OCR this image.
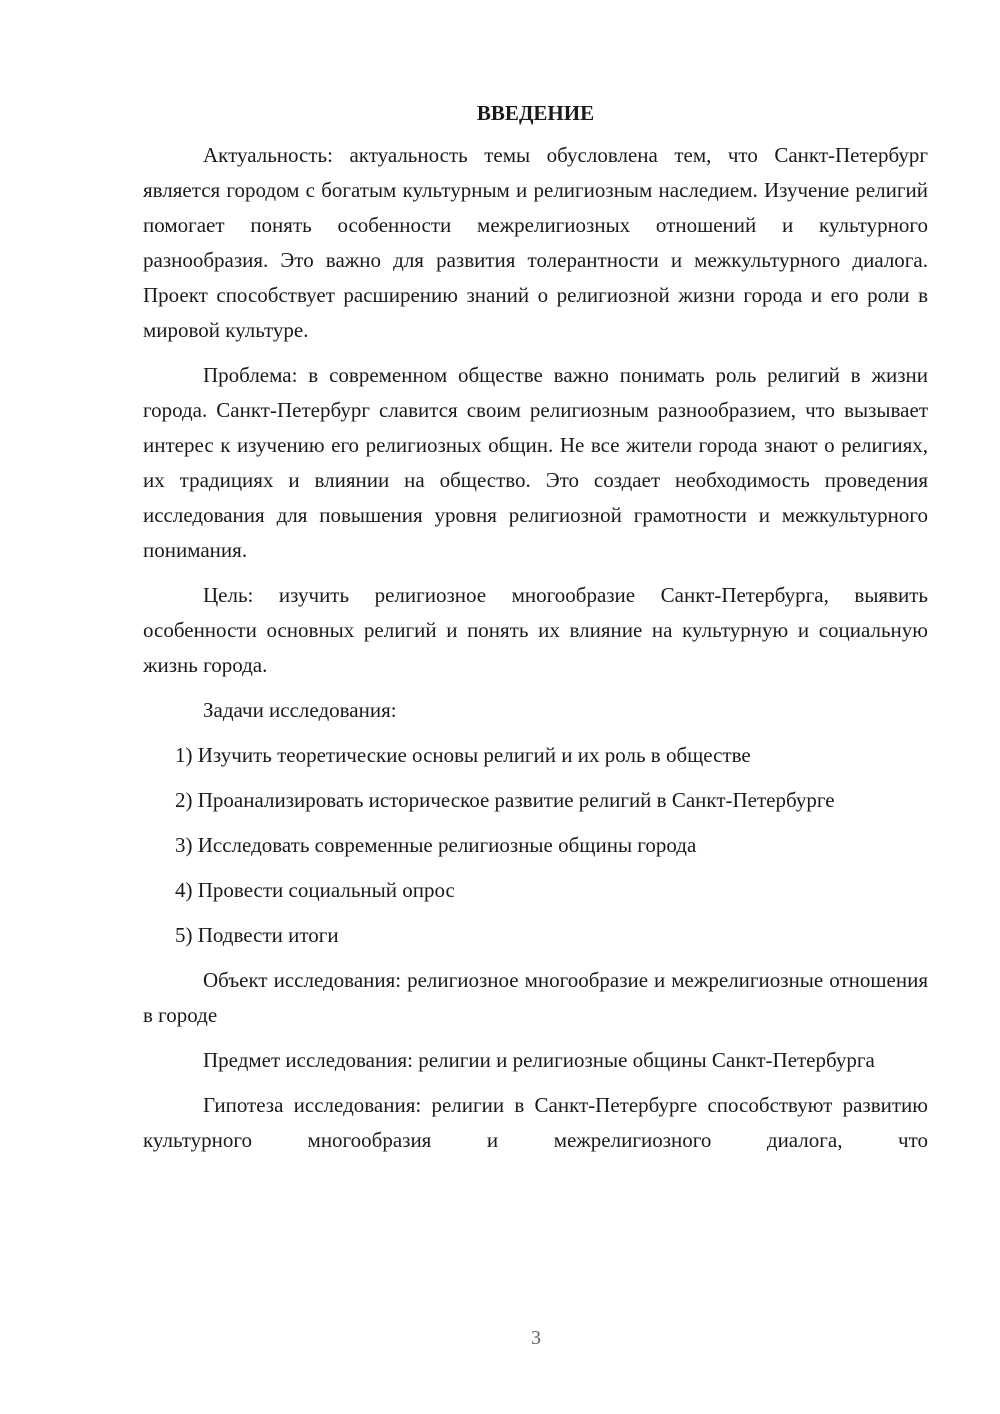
ВВЕДЕНИЕ

Актуальность: актуальность темы обусловлена тем, что Санкт-Петербург является городом с богатым культурным и религиозным наследием. Изучение религий помогает понять особенности межрелигиозных отношений и культурного разнообразия. Это важно для развития толерантности и межкультурного диалога. Проект способствует расширению знаний о религиозной жизни города и его роли в мировой культуре.

Проблема: в современном обществе важно понимать роль религий в жизни города. Санкт-Петербург славится своим религиозным разнообразием, что вызывает интерес к изучению его религиозных общин. Не все жители города знают о религиях, их традициях и влиянии на общество. Это создает необходимость проведения исследования для повышения уровня религиозной грамотности и межкультурного понимания.

Цель: изучить религиозное многообразие Санкт-Петербурга, выявить особенности основных религий и понять их влияние на культурную и социальную жизнь города.

Задачи исследования:

1) Изучить теоретические основы религий и их роль в обществе

2) Проанализировать историческое развитие религий в Санкт-Петербурге

3) Исследовать современные религиозные общины города

4) Провести социальный опрос

5) Подвести итоги

Объект исследования: религиозное многообразие и межрелигиозные отношения в городе

Предмет исследования: религии и религиозные общины Санкт-Петербурга

Гипотеза исследования: религии в Санкт-Петербурге способствуют развитию культурного многообразия и межрелигиозного диалога, что

3
